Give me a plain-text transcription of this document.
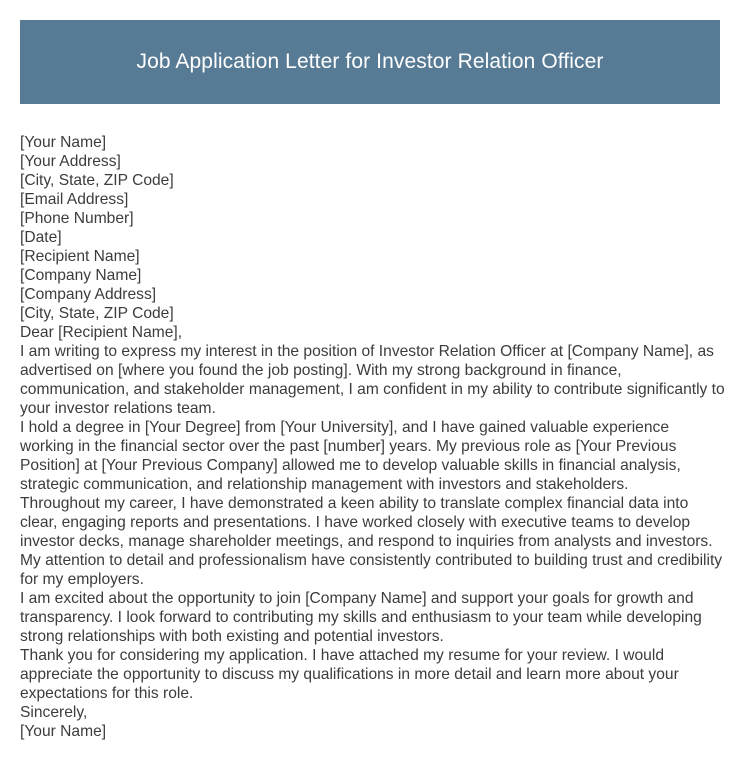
Job Application Letter for Investor Relation Officer
[Your Name]
[Your Address]
[City, State, ZIP Code]
[Email Address]
[Phone Number]
[Date]
[Recipient Name]
[Company Name]
[Company Address]
[City, State, ZIP Code]
Dear [Recipient Name],
I am writing to express my interest in the position of Investor Relation Officer at [Company Name], as advertised on [where you found the job posting]. With my strong background in finance, communication, and stakeholder management, I am confident in my ability to contribute significantly to your investor relations team.
I hold a degree in [Your Degree] from [Your University], and I have gained valuable experience working in the financial sector over the past [number] years. My previous role as [Your Previous Position] at [Your Previous Company] allowed me to develop valuable skills in financial analysis, strategic communication, and relationship management with investors and stakeholders.
Throughout my career, I have demonstrated a keen ability to translate complex financial data into clear, engaging reports and presentations. I have worked closely with executive teams to develop investor decks, manage shareholder meetings, and respond to inquiries from analysts and investors. My attention to detail and professionalism have consistently contributed to building trust and credibility for my employers.
I am excited about the opportunity to join [Company Name] and support your goals for growth and transparency. I look forward to contributing my skills and enthusiasm to your team while developing strong relationships with both existing and potential investors.
Thank you for considering my application. I have attached my resume for your review. I would appreciate the opportunity to discuss my qualifications in more detail and learn more about your expectations for this role.
Sincerely,
[Your Name]
